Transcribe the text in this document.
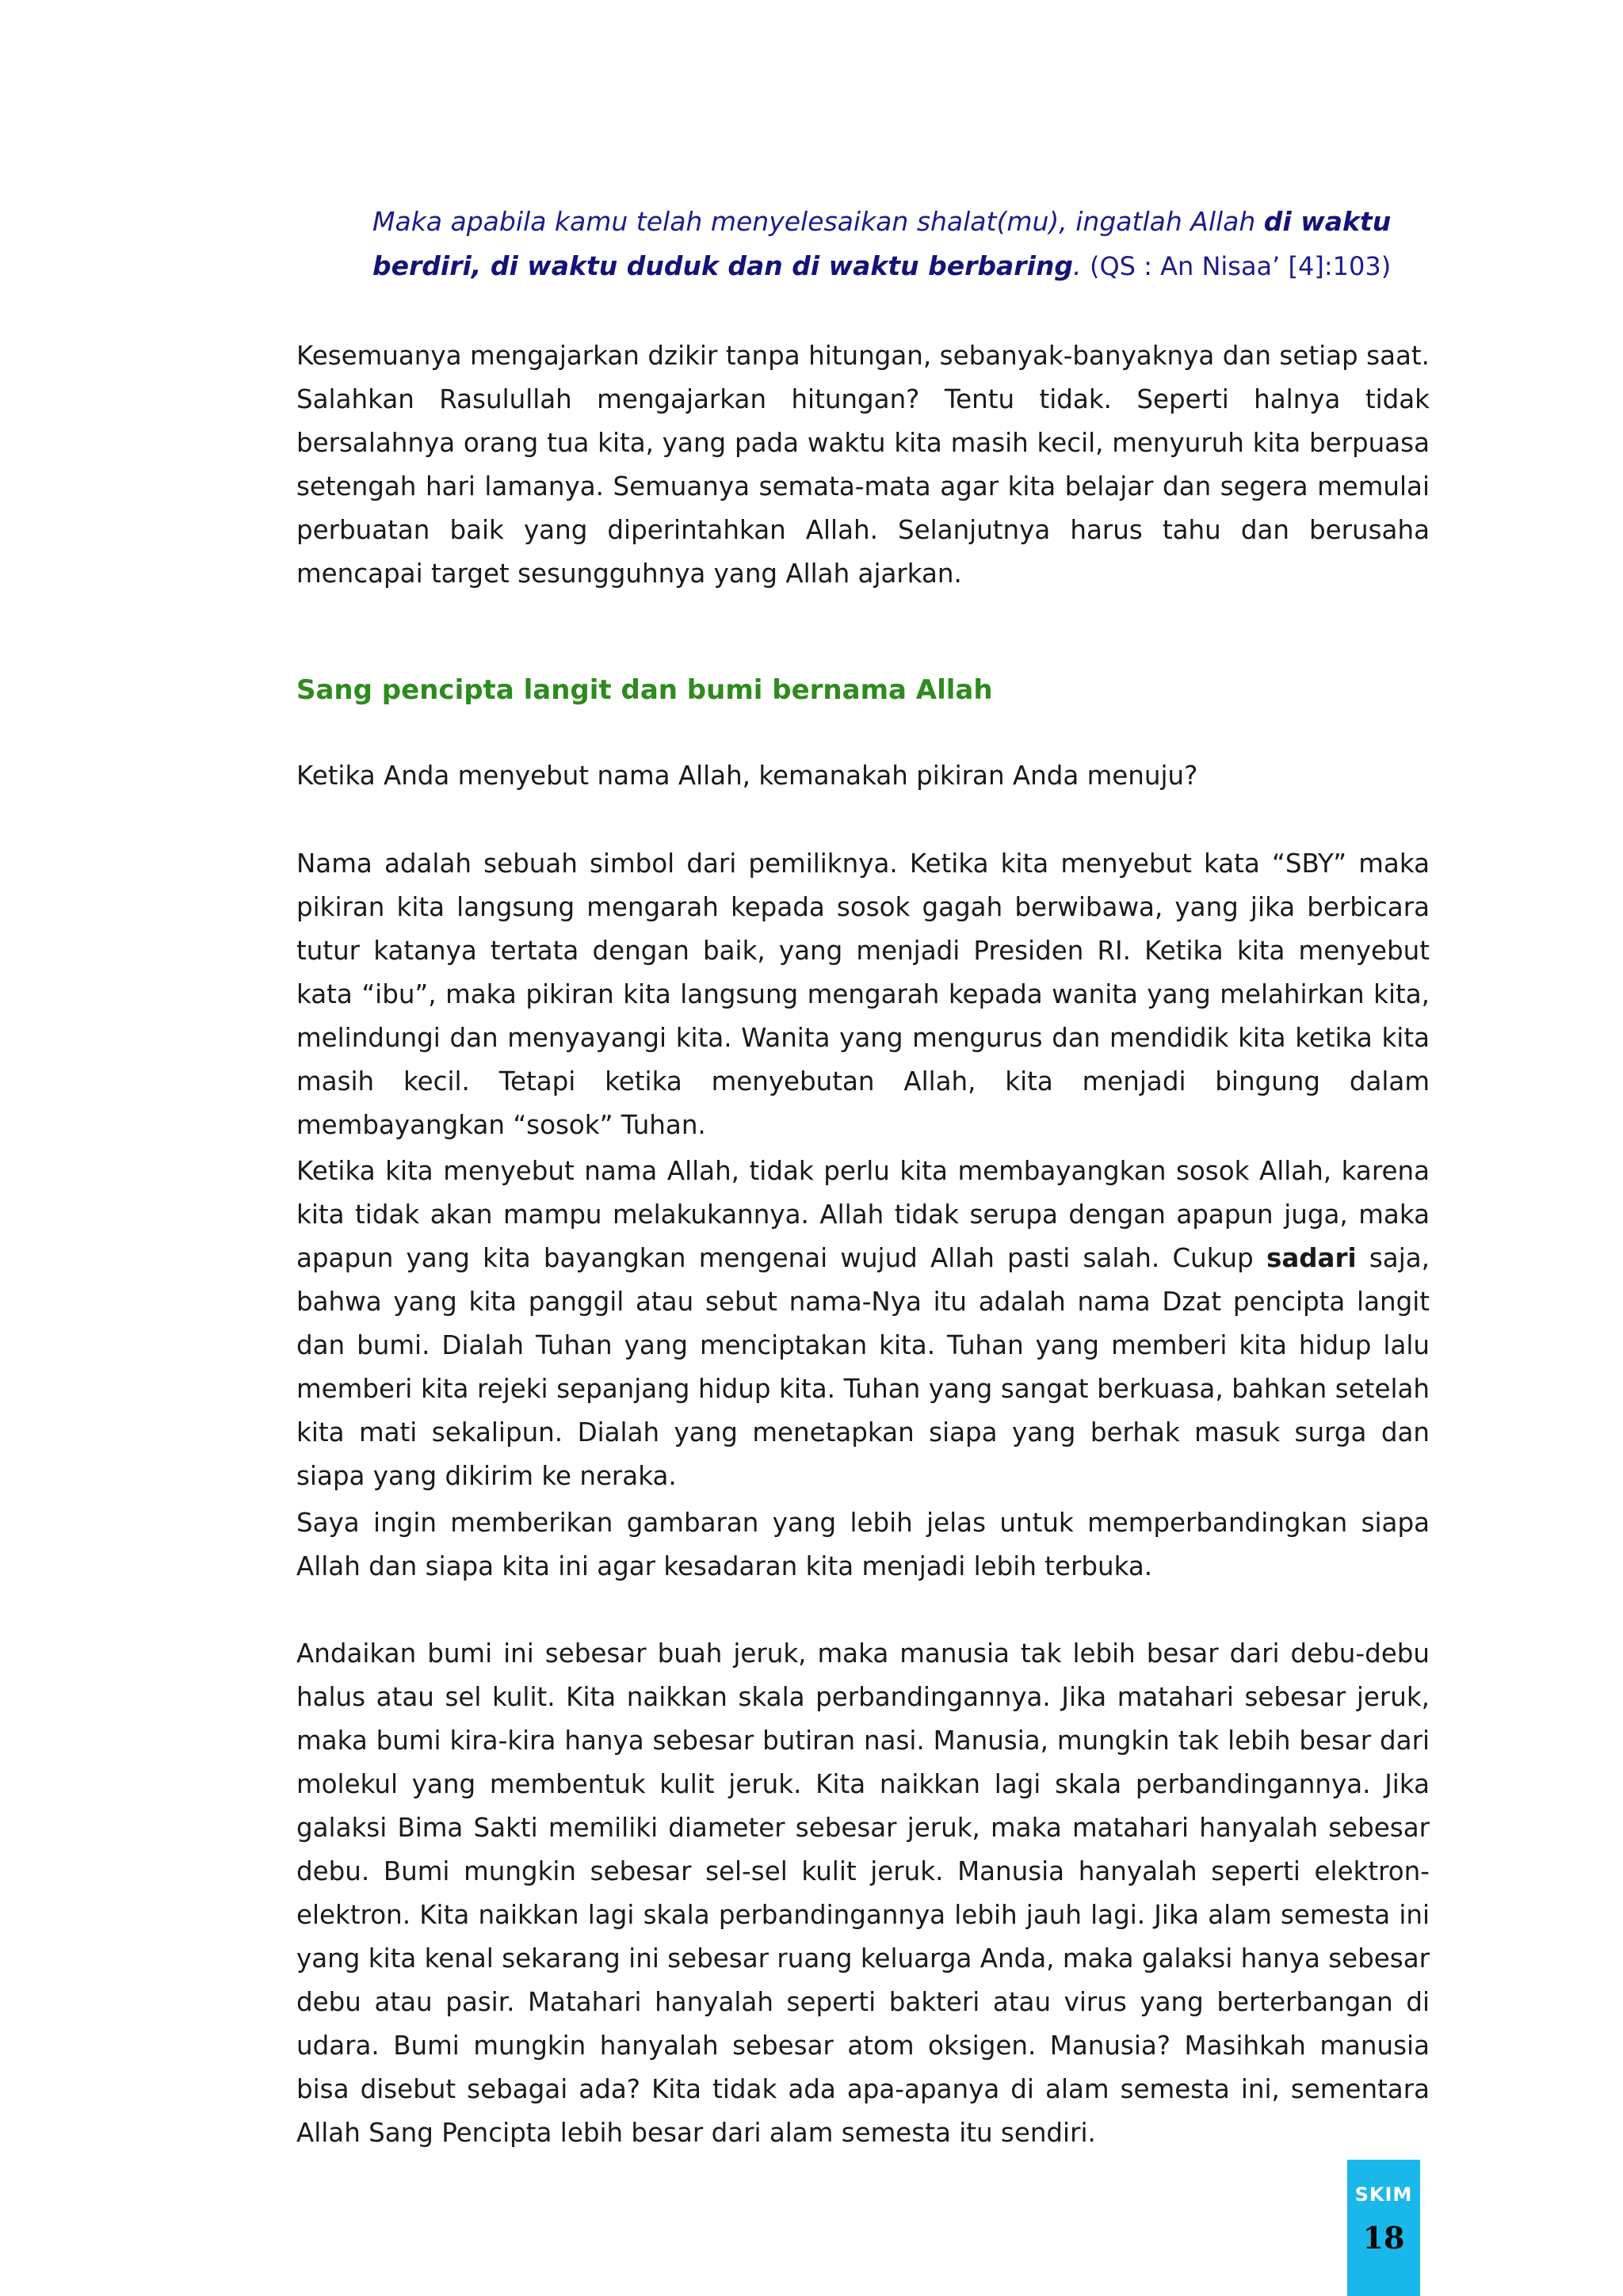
Maka apabila kamu telah menyelesaikan shalat(mu), ingatlah Allah di waktu berdiri, di waktu duduk dan di waktu berbaring. (QS : An Nisaa’ [4]:103)

Kesemuanya mengajarkan dzikir tanpa hitungan, sebanyak-banyaknya dan setiap saat. Salahkan Rasulullah mengajarkan hitungan? Tentu tidak. Seperti halnya tidak bersalahnya orang tua kita, yang pada waktu kita masih kecil, menyuruh kita berpuasa setengah hari lamanya. Semuanya semata-mata agar kita belajar dan segera memulai perbuatan baik yang diperintahkan Allah. Selanjutnya harus tahu dan berusaha mencapai target sesungguhnya yang Allah ajarkan.

Sang pencipta langit dan bumi bernama Allah

Ketika Anda menyebut nama Allah, kemanakah pikiran Anda menuju?

Nama adalah sebuah simbol dari pemiliknya. Ketika kita menyebut kata “SBY” maka pikiran kita langsung mengarah kepada sosok gagah berwibawa, yang jika berbicara tutur katanya tertata dengan baik, yang menjadi Presiden RI. Ketika kita menyebut kata “ibu”, maka pikiran kita langsung mengarah kepada wanita yang melahirkan kita, melindungi dan menyayangi kita. Wanita yang mengurus dan mendidik kita ketika kita masih kecil. Tetapi ketika menyebutan Allah, kita menjadi bingung dalam membayangkan “sosok” Tuhan.

Ketika kita menyebut nama Allah, tidak perlu kita membayangkan sosok Allah, karena kita tidak akan mampu melakukannya. Allah tidak serupa dengan apapun juga, maka apapun yang kita bayangkan mengenai wujud Allah pasti salah. Cukup sadari saja, bahwa yang kita panggil atau sebut nama-Nya itu adalah nama Dzat pencipta langit dan bumi. Dialah Tuhan yang menciptakan kita. Tuhan yang memberi kita hidup lalu memberi kita rejeki sepanjang hidup kita. Tuhan yang sangat berkuasa, bahkan setelah kita mati sekalipun. Dialah yang menetapkan siapa yang berhak masuk surga dan siapa yang dikirim ke neraka.

Saya ingin memberikan gambaran yang lebih jelas untuk memperbandingkan siapa Allah dan siapa kita ini agar kesadaran kita menjadi lebih terbuka.

Andaikan bumi ini sebesar buah jeruk, maka manusia tak lebih besar dari debu-debu halus atau sel kulit. Kita naikkan skala perbandingannya. Jika matahari sebesar jeruk, maka bumi kira-kira hanya sebesar butiran nasi. Manusia, mungkin tak lebih besar dari molekul yang membentuk kulit jeruk. Kita naikkan lagi skala perbandingannya. Jika galaksi Bima Sakti memiliki diameter sebesar jeruk, maka matahari hanyalah sebesar debu. Bumi mungkin sebesar sel-sel kulit jeruk. Manusia hanyalah seperti elektron-elektron. Kita naikkan lagi skala perbandingannya lebih jauh lagi. Jika alam semesta ini yang kita kenal sekarang ini sebesar ruang keluarga Anda, maka galaksi hanya sebesar debu atau pasir. Matahari hanyalah seperti bakteri atau virus yang berterbangan di udara. Bumi mungkin hanyalah sebesar atom oksigen. Manusia? Masihkah manusia bisa disebut sebagai ada? Kita tidak ada apa-apanya di alam semesta ini, sementara Allah Sang Pencipta lebih besar dari alam semesta itu sendiri.

SKIM
18
